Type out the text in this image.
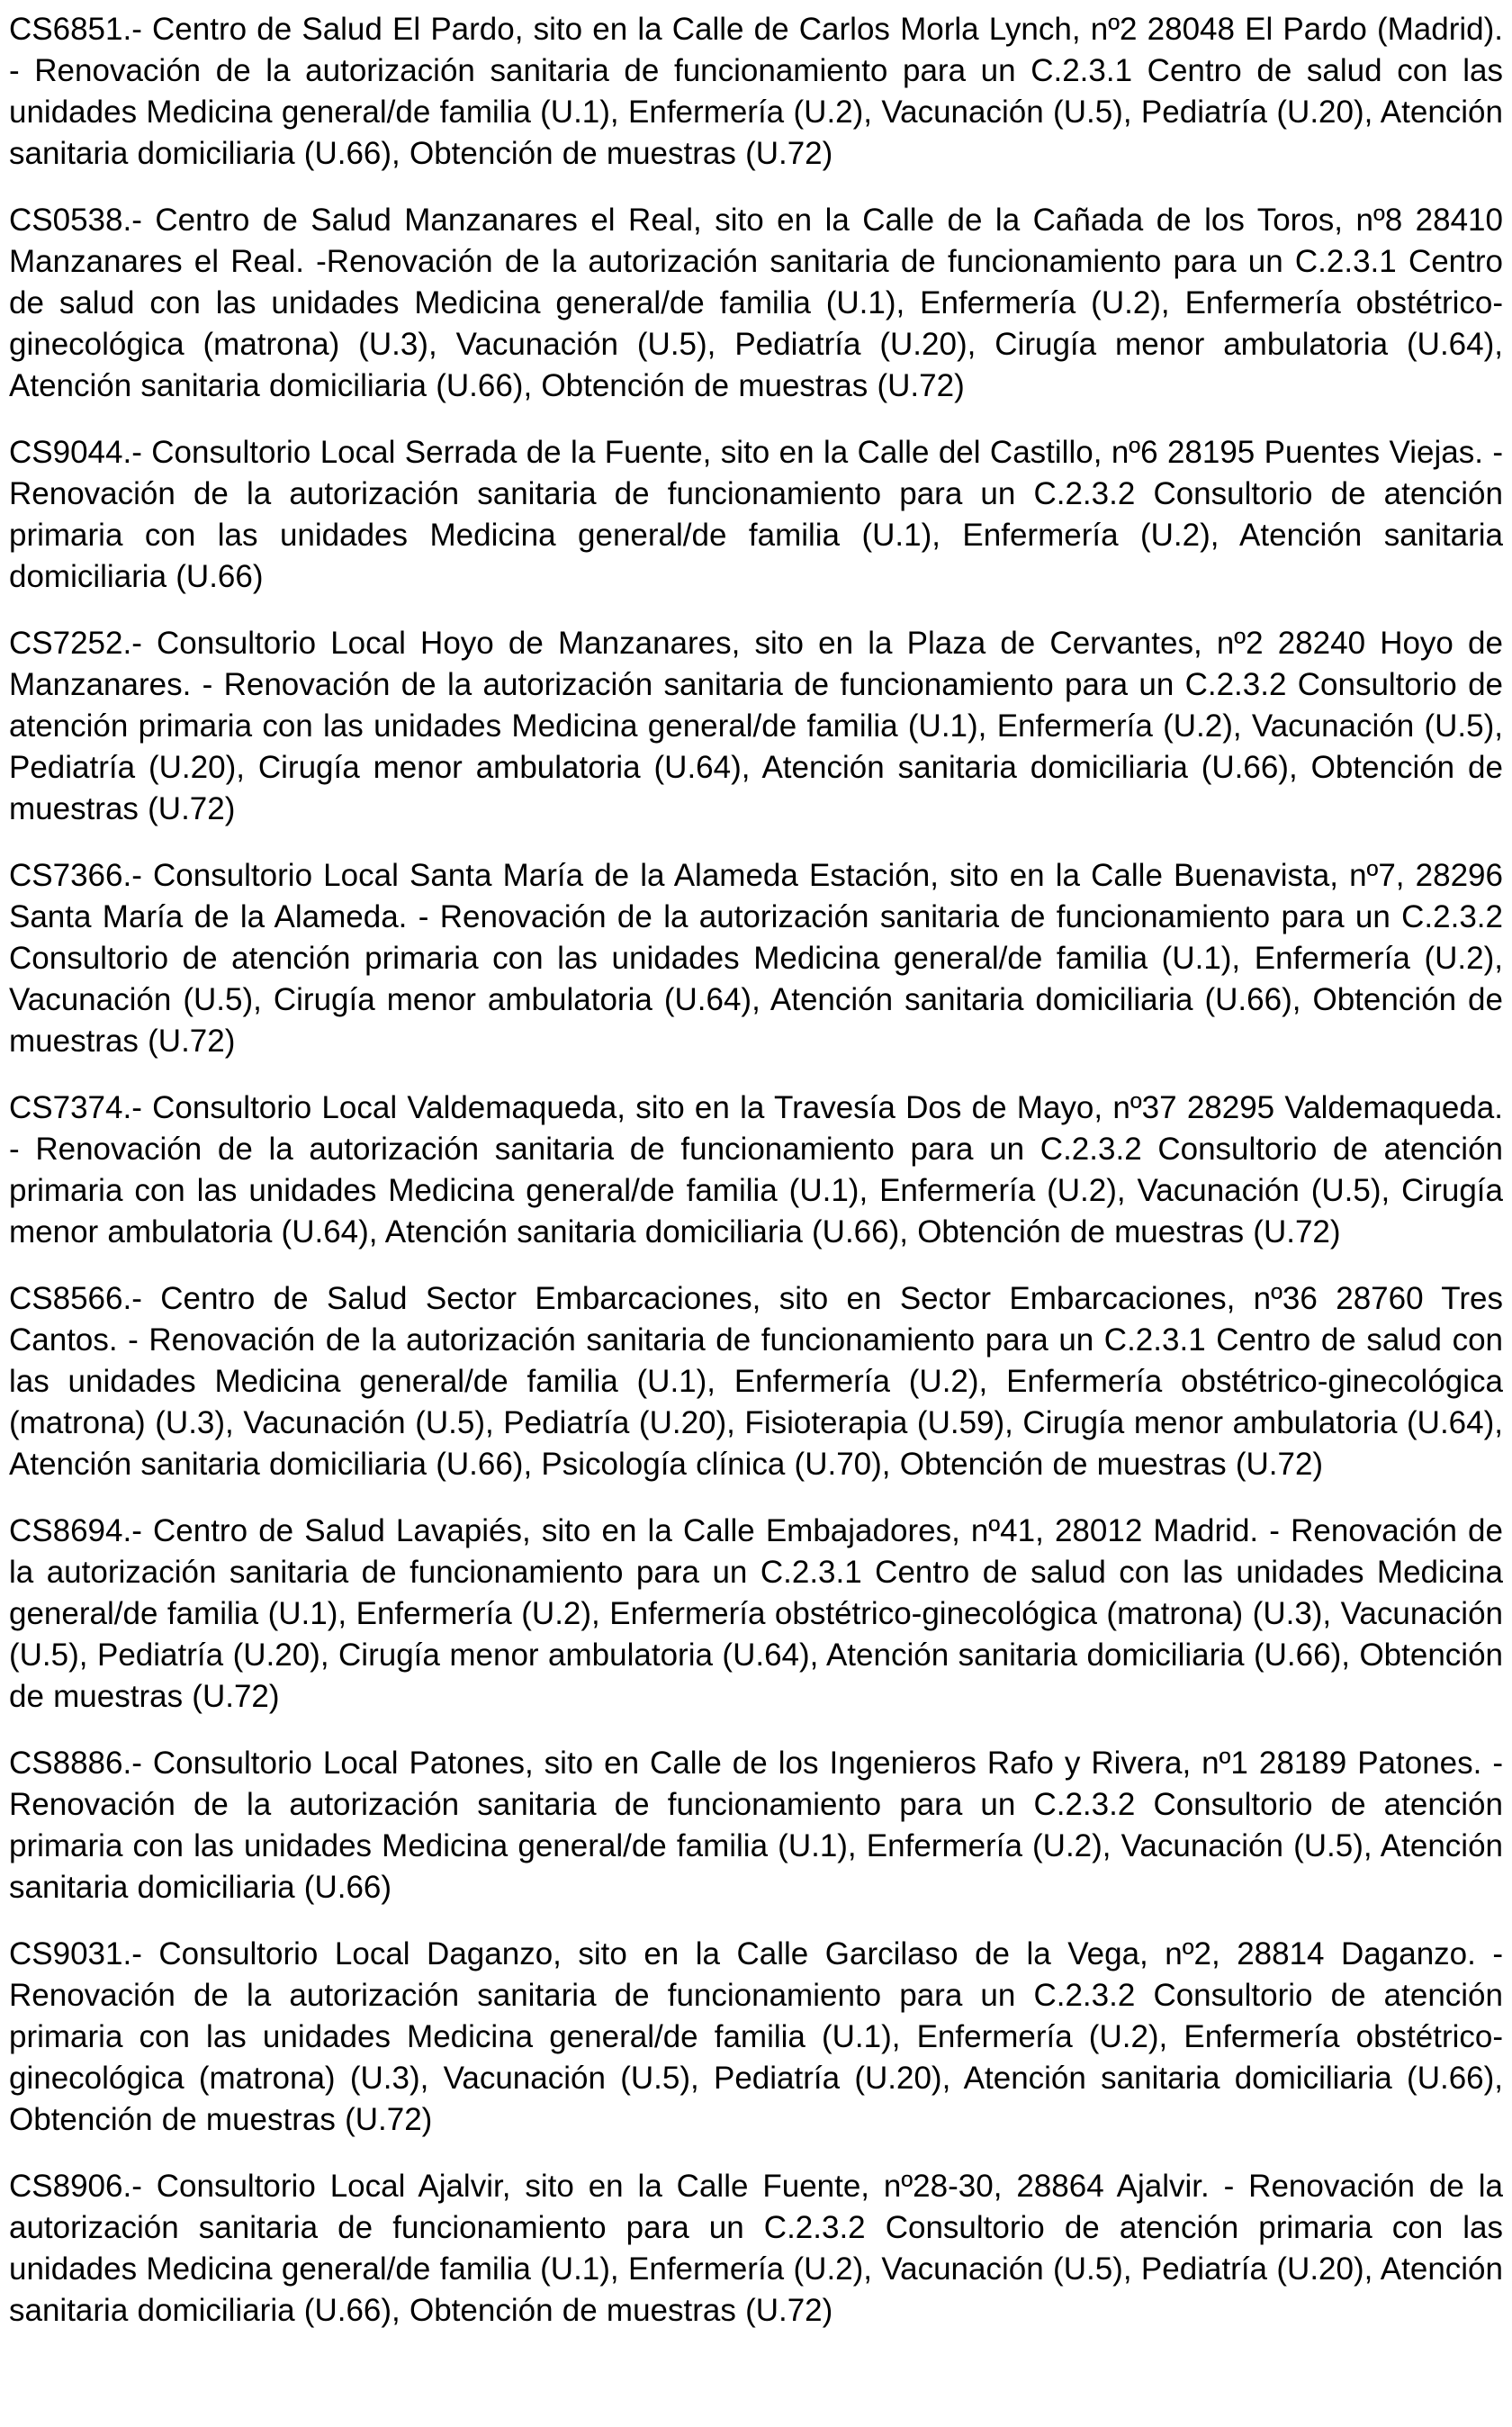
CS6851.- Centro de Salud El Pardo, sito en la Calle de Carlos Morla Lynch, nº2 28048 El Pardo (Madrid). - Renovación de la autorización sanitaria de funcionamiento para un C.2.3.1 Centro de salud con las unidades Medicina general/de familia (U.1), Enfermería (U.2), Vacunación (U.5), Pediatría (U.20), Atención sanitaria domiciliaria (U.66), Obtención de muestras (U.72)

CS0538.- Centro de Salud Manzanares el Real, sito en la Calle de la Cañada de los Toros, nº8 28410 Manzanares el Real. -Renovación de la autorización sanitaria de funcionamiento para un C.2.3.1 Centro de salud con las unidades Medicina general/de familia (U.1), Enfermería (U.2), Enfermería obstétrico-ginecológica (matrona) (U.3), Vacunación (U.5), Pediatría (U.20), Cirugía menor ambulatoria (U.64), Atención sanitaria domiciliaria (U.66), Obtención de muestras (U.72)

CS9044.- Consultorio Local Serrada de la Fuente, sito en la Calle del Castillo, nº6 28195 Puentes Viejas. - Renovación de la autorización sanitaria de funcionamiento para un C.2.3.2 Consultorio de atención primaria con las unidades Medicina general/de familia (U.1), Enfermería (U.2), Atención sanitaria domiciliaria (U.66)

CS7252.- Consultorio Local Hoyo de Manzanares, sito en la Plaza de Cervantes, nº2 28240 Hoyo de Manzanares. - Renovación de la autorización sanitaria de funcionamiento para un C.2.3.2 Consultorio de atención primaria con las unidades Medicina general/de familia (U.1), Enfermería (U.2), Vacunación (U.5), Pediatría (U.20), Cirugía menor ambulatoria (U.64), Atención sanitaria domiciliaria (U.66), Obtención de muestras (U.72)

CS7366.- Consultorio Local Santa María de la Alameda Estación, sito en la Calle Buenavista, nº7, 28296 Santa María de la Alameda. - Renovación de la autorización sanitaria de funcionamiento para un C.2.3.2 Consultorio de atención primaria con las unidades Medicina general/de familia (U.1), Enfermería (U.2), Vacunación (U.5), Cirugía menor ambulatoria (U.64), Atención sanitaria domiciliaria (U.66), Obtención de muestras (U.72)

CS7374.- Consultorio Local Valdemaqueda, sito en la Travesía Dos de Mayo, nº37 28295 Valdemaqueda. - Renovación de la autorización sanitaria de funcionamiento para un C.2.3.2 Consultorio de atención primaria con las unidades Medicina general/de familia (U.1), Enfermería (U.2), Vacunación (U.5), Cirugía menor ambulatoria (U.64), Atención sanitaria domiciliaria (U.66), Obtención de muestras (U.72)

CS8566.- Centro de Salud Sector Embarcaciones, sito en Sector Embarcaciones, nº36 28760 Tres Cantos. - Renovación de la autorización sanitaria de funcionamiento para un C.2.3.1 Centro de salud con las unidades Medicina general/de familia (U.1), Enfermería (U.2), Enfermería obstétrico-ginecológica (matrona) (U.3), Vacunación (U.5), Pediatría (U.20), Fisioterapia (U.59), Cirugía menor ambulatoria (U.64), Atención sanitaria domiciliaria (U.66), Psicología clínica (U.70), Obtención de muestras (U.72)

CS8694.- Centro de Salud Lavapiés, sito en la Calle Embajadores, nº41, 28012 Madrid. - Renovación de la autorización sanitaria de funcionamiento para un C.2.3.1 Centro de salud con las unidades Medicina general/de familia (U.1), Enfermería (U.2), Enfermería obstétrico-ginecológica (matrona) (U.3), Vacunación (U.5), Pediatría (U.20), Cirugía menor ambulatoria (U.64), Atención sanitaria domiciliaria (U.66), Obtención de muestras (U.72)

CS8886.- Consultorio Local Patones, sito en Calle de los Ingenieros Rafo y Rivera, nº1 28189 Patones. - Renovación de la autorización sanitaria de funcionamiento para un C.2.3.2 Consultorio de atención primaria con las unidades Medicina general/de familia (U.1), Enfermería (U.2), Vacunación (U.5), Atención sanitaria domiciliaria (U.66)

CS9031.- Consultorio Local Daganzo, sito en la Calle Garcilaso de la Vega, nº2, 28814 Daganzo. - Renovación de la autorización sanitaria de funcionamiento para un C.2.3.2 Consultorio de atención primaria con las unidades Medicina general/de familia (U.1), Enfermería (U.2), Enfermería obstétrico-ginecológica (matrona) (U.3), Vacunación (U.5), Pediatría (U.20), Atención sanitaria domiciliaria (U.66), Obtención de muestras (U.72)

CS8906.- Consultorio Local Ajalvir, sito en la Calle Fuente, nº28-30, 28864 Ajalvir. - Renovación de la autorización sanitaria de funcionamiento para un C.2.3.2 Consultorio de atención primaria con las unidades Medicina general/de familia (U.1), Enfermería (U.2), Vacunación (U.5), Pediatría (U.20), Atención sanitaria domiciliaria (U.66), Obtención de muestras (U.72)
